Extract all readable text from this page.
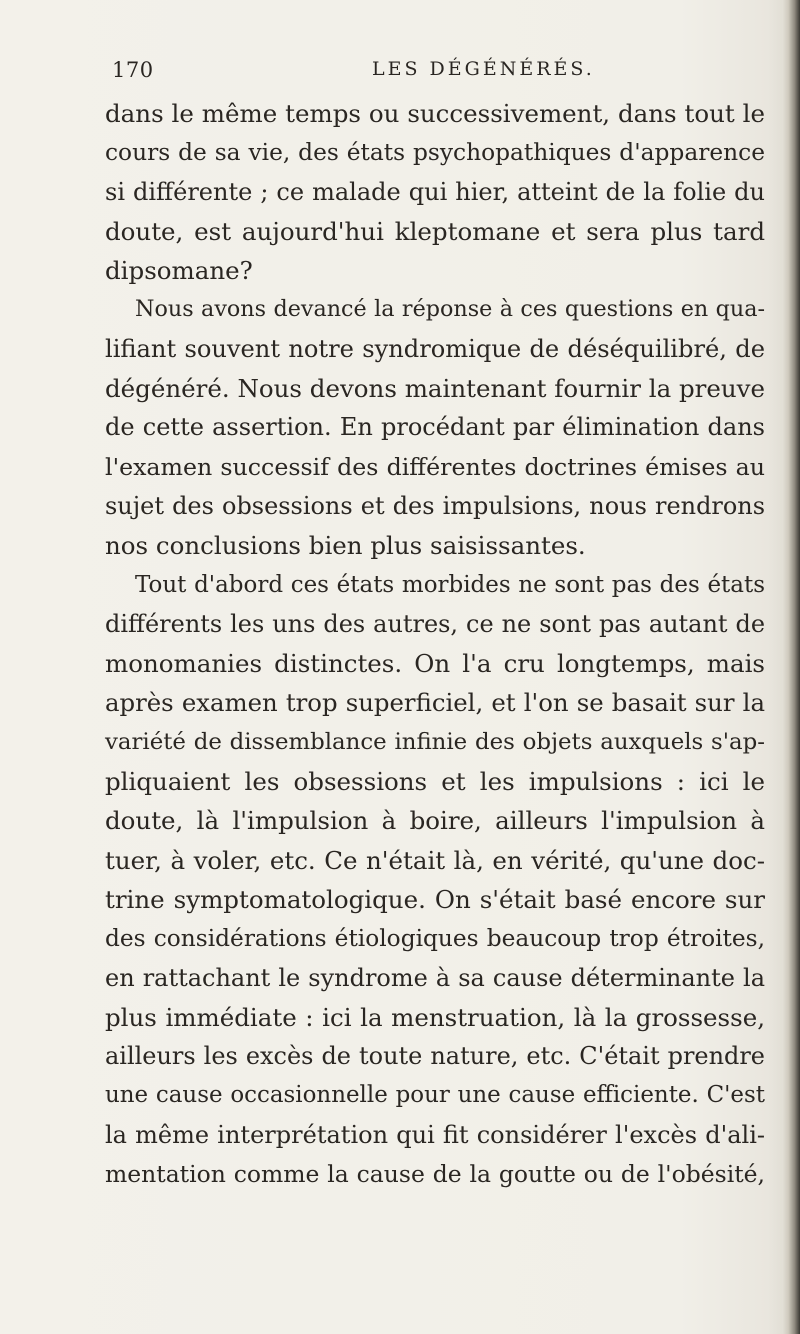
170	LES DÉGÉNÉRÉS.
dans le même temps ou successivement, dans tout le
cours de sa vie, des états psychopathiques d'apparence
si différente ; ce malade qui hier, atteint de la folie du
doute, est aujourd'hui kleptomane et sera plus tard
dipsomane?
Nous avons devancé la réponse à ces questions en qua-
lifiant souvent notre syndromique de déséquilibré, de
dégénéré. Nous devons maintenant fournir la preuve
de cette assertion. En procédant par élimination dans
l'examen successif des différentes doctrines émises au
sujet des obsessions et des impulsions, nous rendrons
nos conclusions bien plus saisissantes.
Tout d'abord ces états morbides ne sont pas des états
différents les uns des autres, ce ne sont pas autant de
monomanies distinctes. On l'a cru longtemps, mais
après examen trop superficiel, et l'on se basait sur la
variété de dissemblance infinie des objets auxquels s'ap-
pliquaient les obsessions et les impulsions : ici le
doute, là l'impulsion à boire, ailleurs l'impulsion à
tuer, à voler, etc. Ce n'était là, en vérité, qu'une doc-
trine symptomatologique. On s'était basé encore sur
des considérations étiologiques beaucoup trop étroites,
en rattachant le syndrome à sa cause déterminante la
plus immédiate : ici la menstruation, là la grossesse,
ailleurs les excès de toute nature, etc. C'était prendre
une cause occasionnelle pour une cause efficiente. C'est
la même interprétation qui fit considérer l'excès d'ali-
mentation comme la cause de la goutte ou de l'obésité,
